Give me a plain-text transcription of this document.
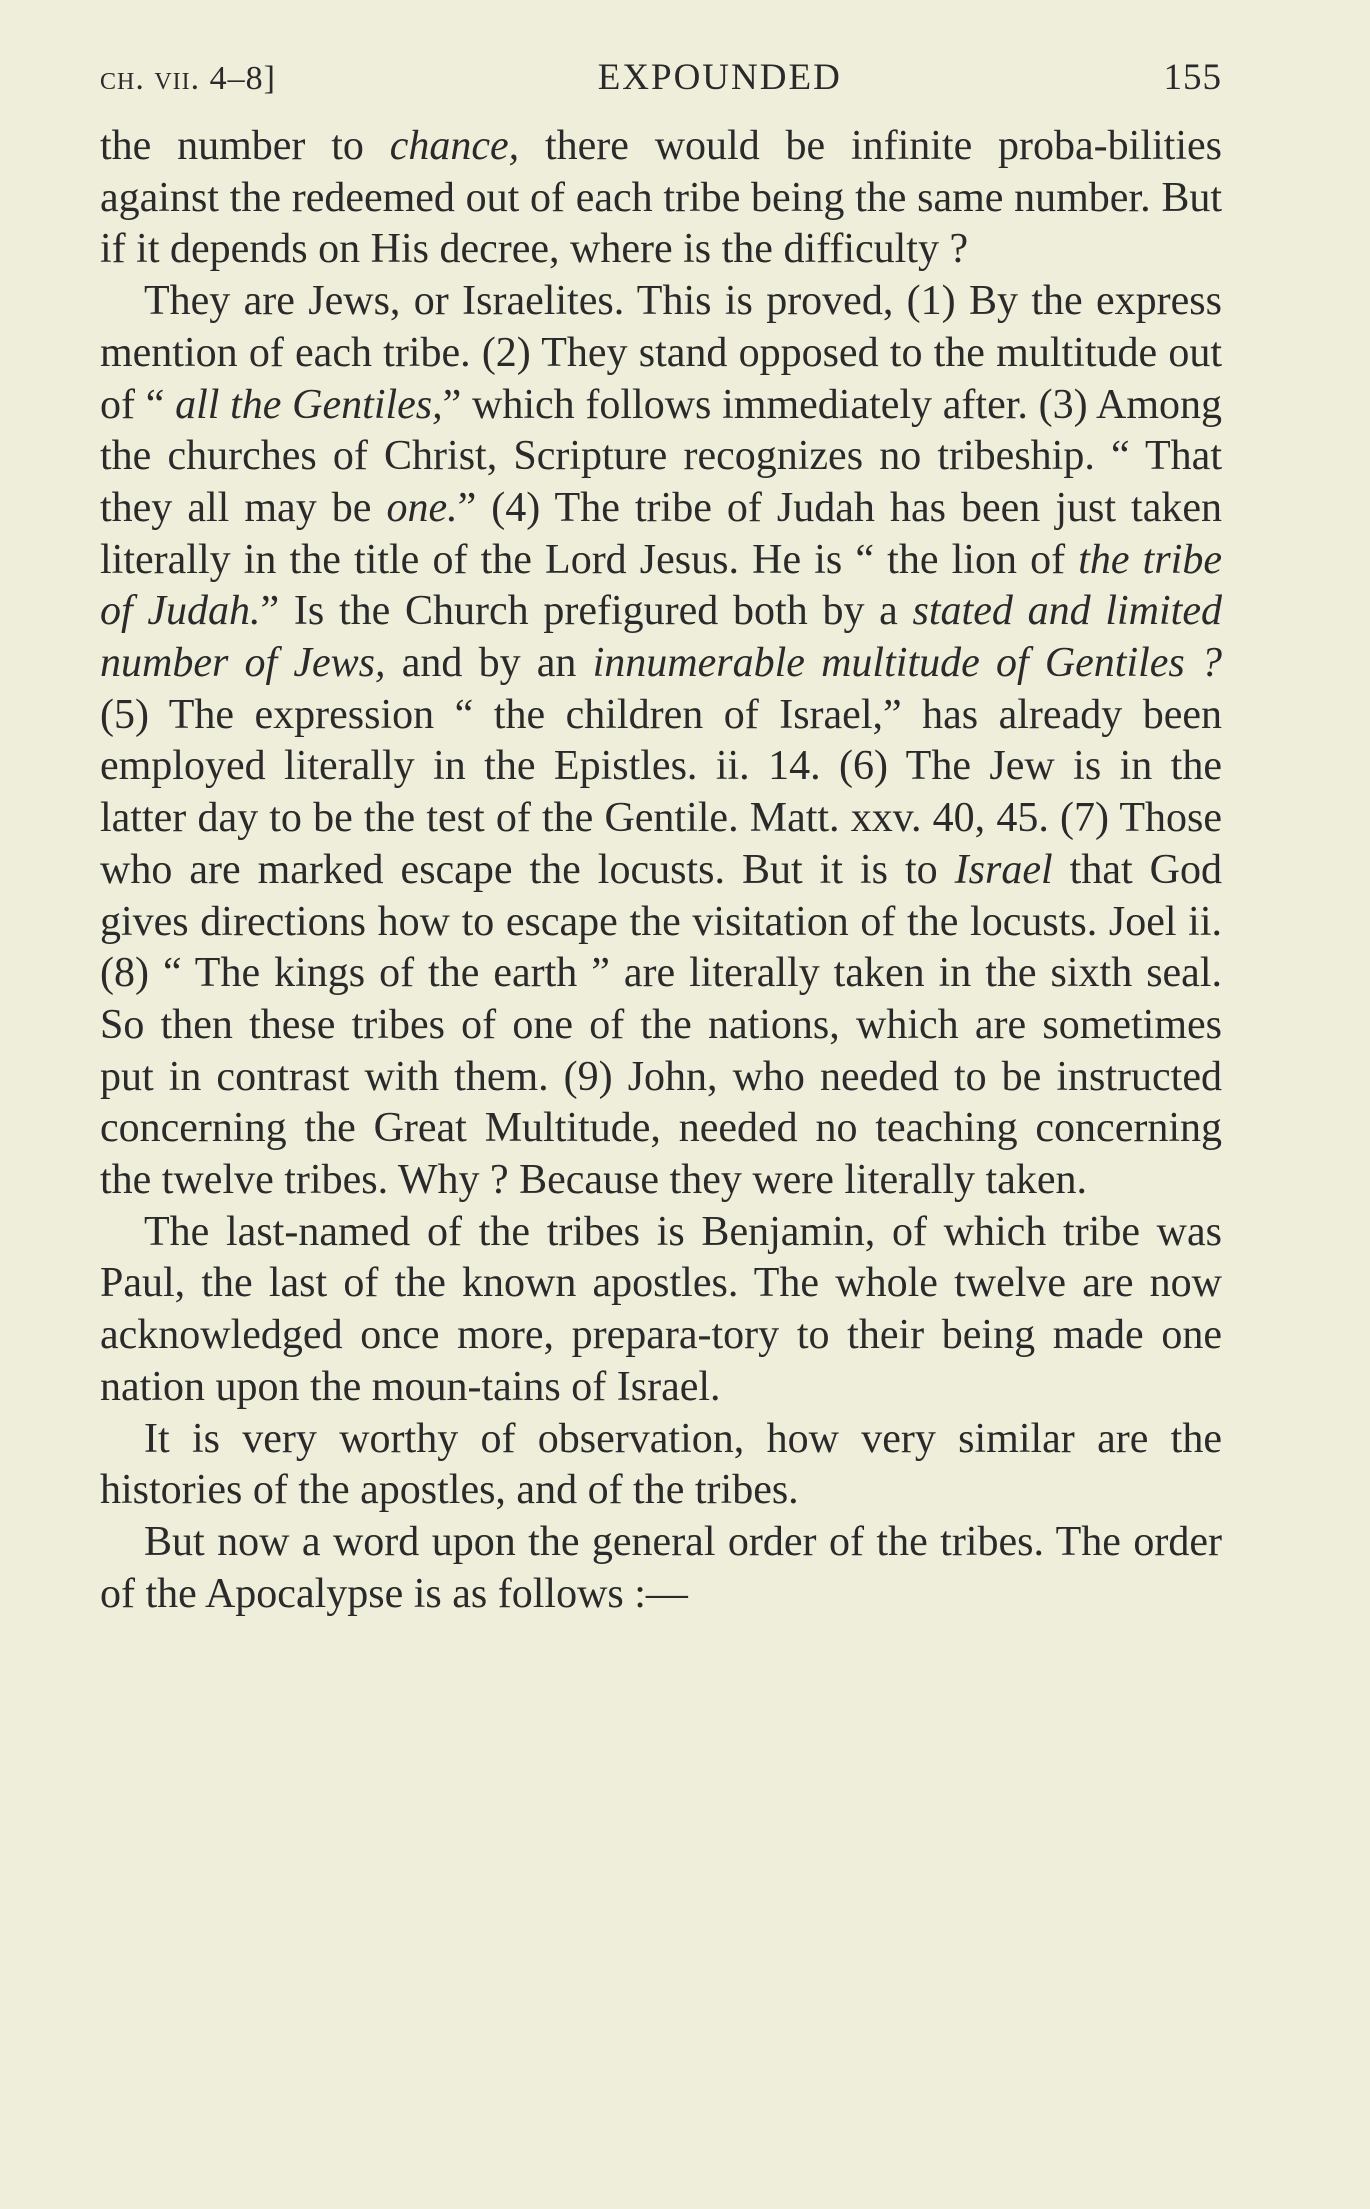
ch. vii. 4–8]	EXPOUNDED	155

the number to chance, there would be infinite proba-bilities against the redeemed out of each tribe being the same number. But if it depends on His decree, where is the difficulty ?

They are Jews, or Israelites. This is proved, (1) By the express mention of each tribe. (2) They stand opposed to the multitude out of “ all the Gentiles,” which follows immediately after. (3) Among the churches of Christ, Scripture recognizes no tribeship. “ That they all may be one.” (4) The tribe of Judah has been just taken literally in the title of the Lord Jesus. He is “ the lion of the tribe of Judah.” Is the Church prefigured both by a stated and limited number of Jews, and by an innumerable multitude of Gentiles ? (5) The expression “ the children of Israel,” has already been employed literally in the Epistles. ii. 14. (6) The Jew is in the latter day to be the test of the Gentile. Matt. xxv. 40, 45. (7) Those who are marked escape the locusts. But it is to Israel that God gives directions how to escape the visitation of the locusts. Joel ii. (8) “ The kings of the earth ” are literally taken in the sixth seal. So then these tribes of one of the nations, which are sometimes put in contrast with them. (9) John, who needed to be instructed concerning the Great Multitude, needed no teaching concerning the twelve tribes. Why ? Because they were literally taken.

The last-named of the tribes is Benjamin, of which tribe was Paul, the last of the known apostles. The whole twelve are now acknowledged once more, prepara-tory to their being made one nation upon the moun-tains of Israel.

It is very worthy of observation, how very similar are the histories of the apostles, and of the tribes.

But now a word upon the general order of the tribes. The order of the Apocalypse is as follows :—
